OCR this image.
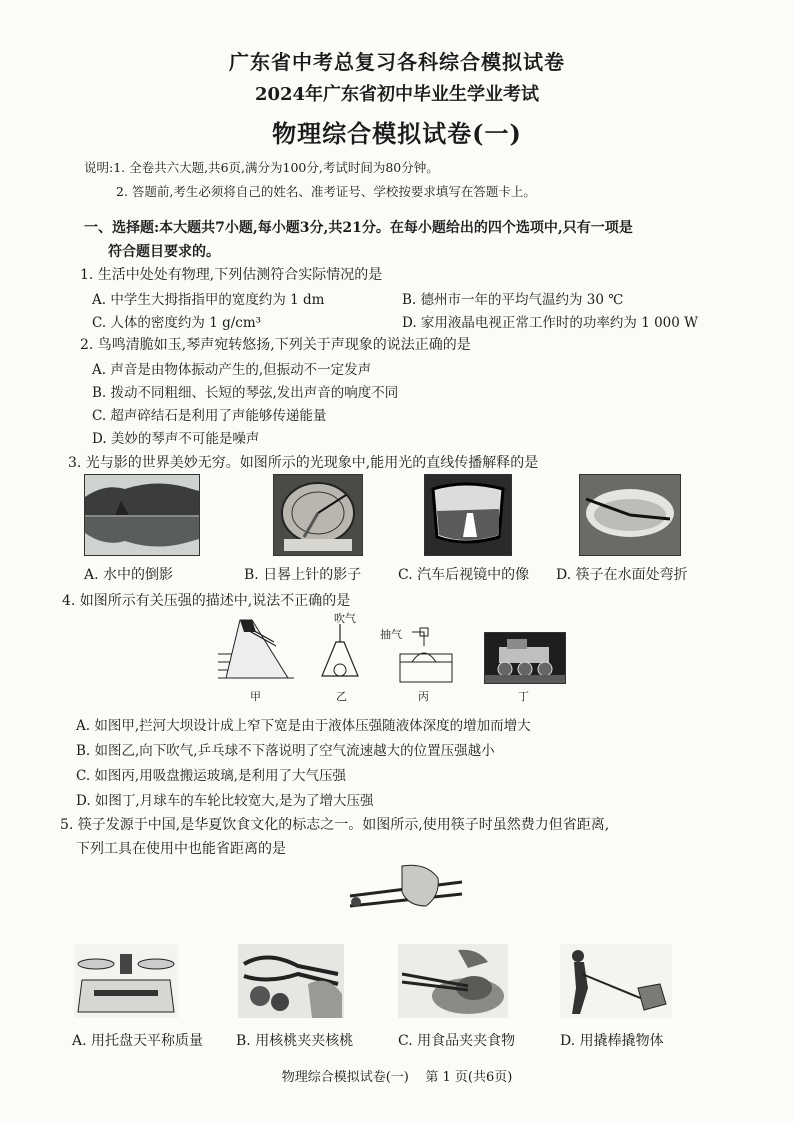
广东省中考总复习各科综合模拟试卷
2024年广东省初中毕业生学业考试
物理综合模拟试卷(一)
说明:1. 全卷共六大题,共6页,满分为100分,考试时间为80分钟。
2. 答题前,考生必须将自己的姓名、准考证号、学校按要求填写在答题卡上。
一、选择题:本大题共7小题,每小题3分,共21分。在每小题给出的四个选项中,只有一项是
符合题目要求的。
1. 生活中处处有物理,下列估测符合实际情况的是
A. 中学生大拇指指甲的宽度约为 1 dm	B. 德州市一年的平均气温约为 30 ℃
C. 人体的密度约为 1 g/cm³	D. 家用液晶电视正常工作时的功率约为 1 000 W
2. 鸟鸣清脆如玉,琴声宛转悠扬,下列关于声现象的说法正确的是
A. 声音是由物体振动产生的,但振动不一定发声
B. 拨动不同粗细、长短的琴弦,发出声音的响度不同
C. 超声碎结石是利用了声能够传递能量
D. 美妙的琴声不可能是噪声
3. 光与影的世界美妙无穷。如图所示的光现象中,能用光的直线传播解释的是
A. 水中的倒影	B. 日晷上针的影子	C. 汽车后视镜中的像 D. 筷子在水面处弯折
4. 如图所示有关压强的描述中,说法不正确的是
甲
吹气
乙
抽气
丙	丁
A. 如图甲,拦河大坝设计成上窄下宽是由于液体压强随液体深度的增加而增大
B. 如图乙,向下吹气,乒乓球不下落说明了空气流速越大的位置压强越小
C. 如图丙,用吸盘搬运玻璃,是利用了大气压强
D. 如图丁,月球车的车轮比较宽大,是为了增大压强
5. 筷子发源于中国,是华夏饮食文化的标志之一。如图所示,使用筷子时虽然费力但省距离,
下列工具在使用中也能省距离的是
A. 用托盘天平称质量 B. 用核桃夹夹核桃	C. 用食品夹夹食物	D. 用撬棒撬物体
物理综合模拟试卷(一)    第 1 页(共6页)
